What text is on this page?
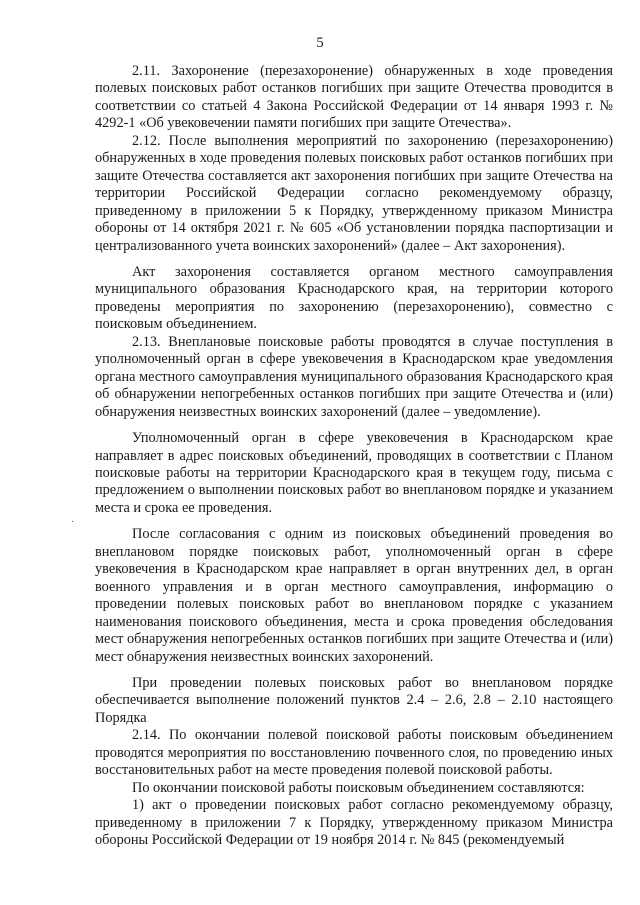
5
·

2.11. Захоронение (перезахоронение) обнаруженных в ходе проведения полевых поисковых работ останков погибших при защите Отечества проводится в соответствии со статьей 4 Закона Российской Федерации от 14 января 1993 г. № 4292-1 «Об увековечении памяти погибших при защите Отечества».

2.12. После выполнения мероприятий по захоронению (перезахоронению) обнаруженных в ходе проведения полевых поисковых работ останков погибших при защите Отечества составляется акт захоронения погибших при защите Отечества на территории Российской Федерации согласно рекомендуемому образцу, приведенному в приложении 5 к Порядку, утвержденному приказом Министра обороны от 14 октября 2021 г. № 605 «Об установлении порядка паспортизации и централизованного учета воинских захоронений» (далее – Акт захоронения).

Акт захоронения составляется органом местного самоуправления муниципального образования Краснодарского края, на территории которого проведены мероприятия по захоронению (перезахоронению), совместно с поисковым объединением.

2.13. Внеплановые поисковые работы проводятся в случае поступления в уполномоченный орган в сфере увековечения в Краснодарском крае уведомления органа местного самоуправления муниципального образования Краснодарского края об обнаружении непогребенных останков погибших при защите Отечества и (или) обнаружения неизвестных воинских захоронений (далее – уведомление).

Уполномоченный орган в сфере увековечения в Краснодарском крае направляет в адрес поисковых объединений, проводящих в соответствии с Планом поисковые работы на территории Краснодарского края в текущем году, письма с предложением о выполнении поисковых работ во внеплановом порядке и указанием места и срока ее проведения.

После согласования с одним из поисковых объединений проведения во внеплановом порядке поисковых работ, уполномоченный орган в сфере увековечения в Краснодарском крае направляет в орган внутренних дел, в орган военного управления и в орган местного самоуправления, информацию о проведении полевых поисковых работ во внеплановом порядке с указанием наименования поискового объединения, места и срока проведения обследования мест обнаружения непогребенных останков погибших при защите Отечества и (или) мест обнаружения неизвестных воинских захоронений.

При проведении полевых поисковых работ во внеплановом порядке обеспечивается выполнение положений пунктов 2.4 – 2.6, 2.8 – 2.10 настоящего Порядка

2.14. По окончании полевой поисковой работы поисковым объединением проводятся мероприятия по восстановлению почвенного слоя, по проведению иных восстановительных работ на месте проведения полевой поисковой работы.

По окончании поисковой работы поисковым объединением составляются:

1) акт о проведении поисковых работ согласно рекомендуемому образцу, приведенному в приложении 7 к Порядку, утвержденному приказом Министра обороны Российской Федерации от 19 ноября 2014 г. № 845 (рекомендуемый
